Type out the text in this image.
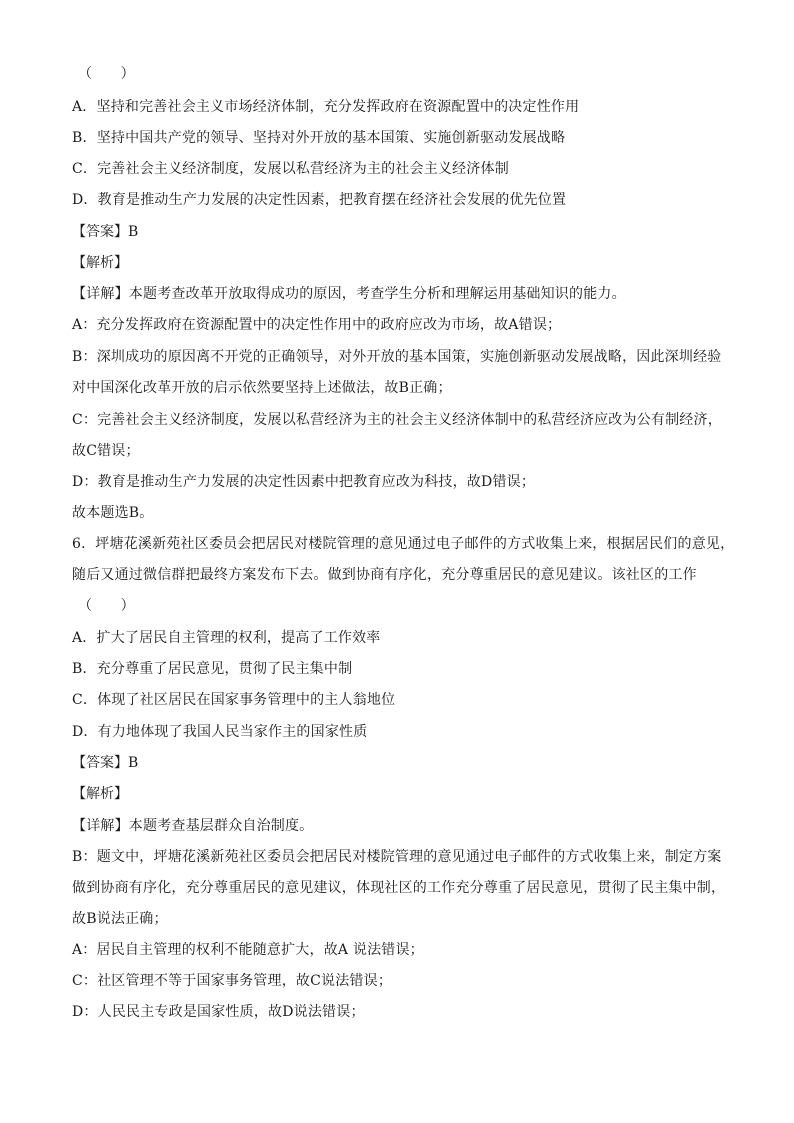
（　　）
A．坚持和完善社会主义市场经济体制，充分发挥政府在资源配置中的决定性作用
B．坚持中国共产党的领导、坚持对外开放的基本国策、实施创新驱动发展战略
C．完善社会主义经济制度，发展以私营经济为主的社会主义经济体制
D．教育是推动生产力发展的决定性因素，把教育摆在经济社会发展的优先位置
【答案】B
【解析】
【详解】本题考查改革开放取得成功的原因，考查学生分析和理解运用基础知识的能力。
A：充分发挥政府在资源配置中的决定性作用中的政府应改为市场，故A错误；
B：深圳成功的原因离不开党的正确领导，对外开放的基本国策，实施创新驱动发展战略，因此深圳经验
对中国深化改革开放的启示依然要坚持上述做法，故B正确；
C：完善社会主义经济制度，发展以私营经济为主的社会主义经济体制中的私营经济应改为公有制经济，
故C错误；
D：教育是推动生产力发展的决定性因素中把教育应改为科技，故D错误；
故本题选B。
6．坪塘花溪新苑社区委员会把居民对楼院管理的意见通过电子邮件的方式收集上来，根据居民们的意见，
随后又通过微信群把最终方案发布下去。做到协商有序化，充分尊重居民的意见建议。该社区的工作
（　　）
A．扩大了居民自主管理的权利，提高了工作效率
B．充分尊重了居民意见，贯彻了民主集中制
C．体现了社区居民在国家事务管理中的主人翁地位
D．有力地体现了我国人民当家作主的国家性质
【答案】B
【解析】
【详解】本题考查基层群众自治制度。
B：题文中，坪塘花溪新苑社区委员会把居民对楼院管理的意见通过电子邮件的方式收集上来，制定方案
做到协商有序化，充分尊重居民的意见建议，体现社区的工作充分尊重了居民意见，贯彻了民主集中制，
故B说法正确；
A：居民自主管理的权利不能随意扩大，故A 说法错误；
C：社区管理不等于国家事务管理，故C说法错误；
D：人民民主专政是国家性质，故D说法错误；
